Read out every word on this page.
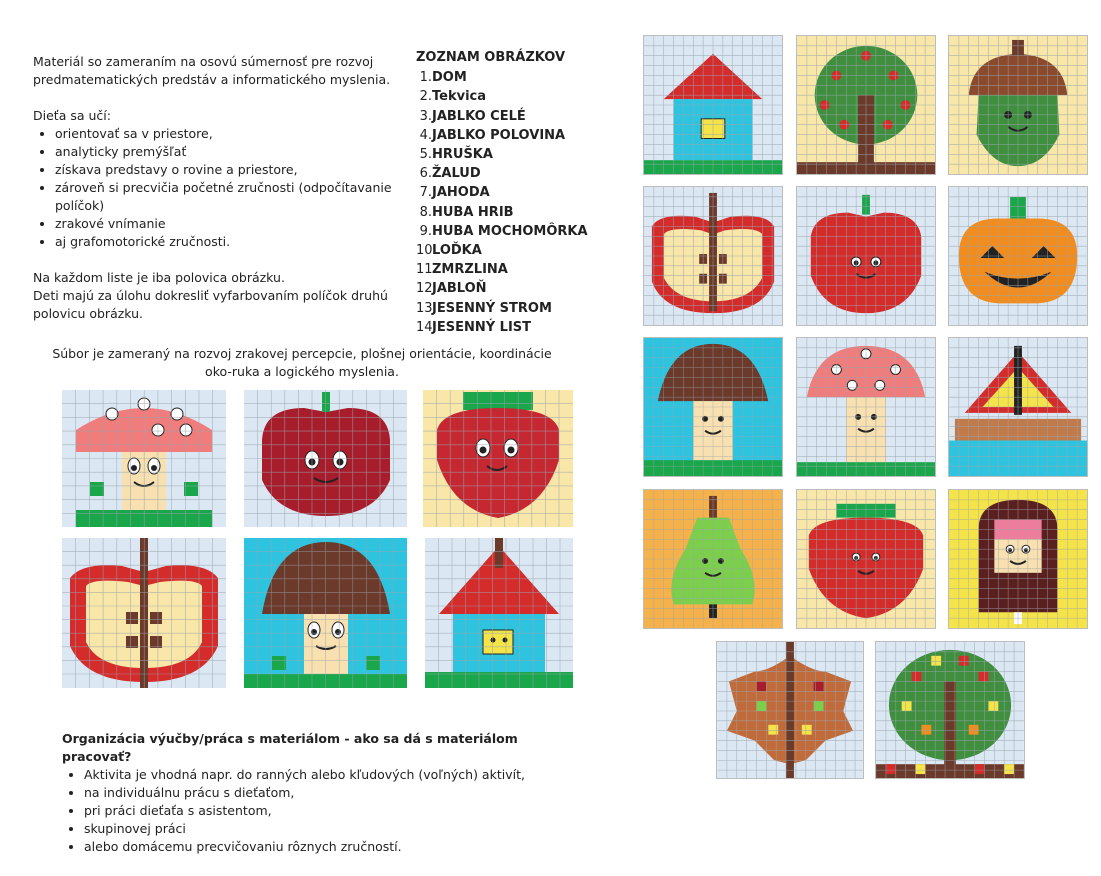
Materiál so zameraním na osovú súmernosť pre rozvoj predmatematických predstáv a informatického myslenia.

Dieťa sa učí:
• orientovať sa v priestore,
• analyticky premýšľať
• získava predstavy o rovine a priestore,
• zároveň si precvičia početné zručnosti (odpočítavanie políčok)
• zrakové vnímanie
• aj grafomotorické zručnosti.
Na každom liste je iba polovica obrázku.
Deti majú za úlohu dokresliť vyfarbovaním políčok druhú polovicu obrázku.
ZOZNAM OBRÁZKOV
1.DOM
2.Tekvica
3.JABLKO CELÉ
4.JABLKO POLOVINA
5.HRUŠKA
6.ŽALUD
7.JAHODA
8.HUBA HRIB
9.HUBA MOCHOMÔRKA
10.LOĎKA
11.ZMRZLINA
12.JABLOŇ
13.JESENNÝ STROM
14.JESENNÝ LIST
Súbor je zameraný na rozvoj zrakovej percepcie, plošnej orientácie, koordinácie oko-ruka a logického myslenia.
Organizácia výučby/práca s materiálom - ako sa dá s materiálom pracovať?
• Aktivita je vhodná napr. do ranných alebo kľudových (voľných) aktivít,
• na individuálnu prácu s dieťaťom,
• pri práci dieťaťa s asistentom,
• skupinovej práci
• alebo domácemu precvičovaniu rôznych zručností.
